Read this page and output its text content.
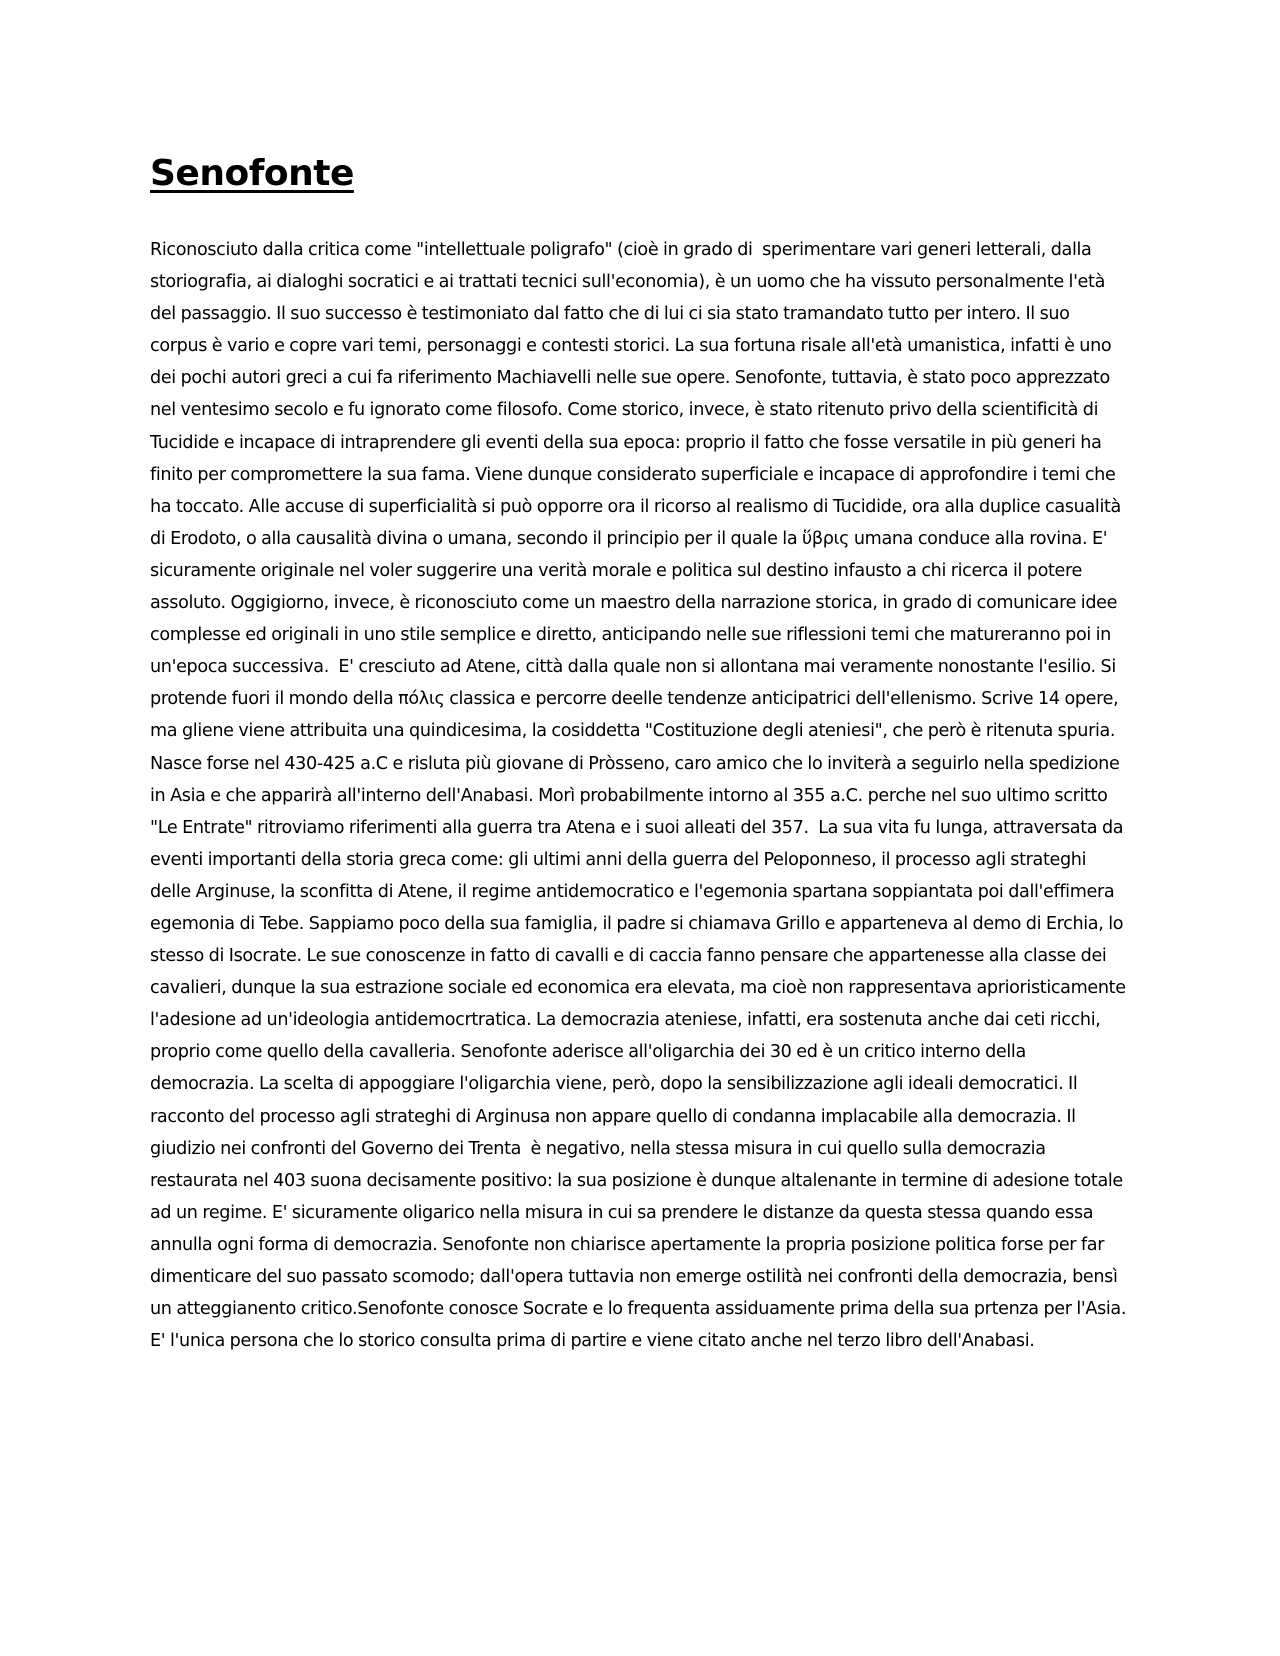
Senofonte

Riconosciuto dalla critica come "intellettuale poligrafo" (cioè in grado di  sperimentare vari generi letterali, dalla storiografia, ai dialoghi socratici e ai trattati tecnici sull'economia), è un uomo che ha vissuto personalmente l'età del passaggio. Il suo successo è testimoniato dal fatto che di lui ci sia stato tramandato tutto per intero. Il suo corpus è vario e copre vari temi, personaggi e contesti storici. La sua fortuna risale all'età umanistica, infatti è uno dei pochi autori greci a cui fa riferimento Machiavelli nelle sue opere. Senofonte, tuttavia, è stato poco apprezzato nel ventesimo secolo e fu ignorato come filosofo. Come storico, invece, è stato ritenuto privo della scientificità di Tucidide e incapace di intraprendere gli eventi della sua epoca: proprio il fatto che fosse versatile in più generi ha finito per compromettere la sua fama. Viene dunque considerato superficiale e incapace di approfondire i temi che ha toccato. Alle accuse di superficialità si può opporre ora il ricorso al realismo di Tucidide, ora alla duplice casualità di Erodoto, o alla causalità divina o umana, secondo il principio per il quale la ὕβρις umana conduce alla rovina. E' sicuramente originale nel voler suggerire una verità morale e politica sul destino infausto a chi ricerca il potere assoluto. Oggigiorno, invece, è riconosciuto come un maestro della narrazione storica, in grado di comunicare idee complesse ed originali in uno stile semplice e diretto, anticipando nelle sue riflessioni temi che matureranno poi in un'epoca successiva.  E' cresciuto ad Atene, città dalla quale non si allontana mai veramente nonostante l'esilio. Si protende fuori il mondo della πόλις classica e percorre deelle tendenze anticipatrici dell'ellenismo. Scrive 14 opere,  ma gliene viene attribuita una quindicesima, la cosiddetta "Costituzione degli ateniesi", che però è ritenuta spuria. Nasce forse nel 430-425 a.C e risluta più giovane di Pròsseno, caro amico che lo inviterà a seguirlo nella spedizione in Asia e che apparirà all'interno dell'Anabasi. Morì probabilmente intorno al 355 a.C. perche nel suo ultimo scritto "Le Entrate" ritroviamo riferimenti alla guerra tra Atena e i suoi alleati del 357.  La sua vita fu lunga, attraversata da eventi importanti della storia greca come: gli ultimi anni della guerra del Peloponneso, il processo agli strateghi delle Arginuse, la sconfitta di Atene, il regime antidemocratico e l'egemonia spartana soppiantata poi dall'effimera egemonia di Tebe. Sappiamo poco della sua famiglia, il padre si chiamava Grillo e apparteneva al demo di Erchia, lo stesso di Isocrate. Le sue conoscenze in fatto di cavalli e di caccia fanno pensare che appartenesse alla classe dei cavalieri, dunque la sua estrazione sociale ed economica era elevata, ma cioè non rappresentava aprioristicamente l'adesione ad un'ideologia antidemocrtratica. La democrazia ateniese, infatti, era sostenuta anche dai ceti ricchi, proprio come quello della cavalleria. Senofonte aderisce all'oligarchia dei 30 ed è un critico interno della democrazia. La scelta di appoggiare l'oligarchia viene, però, dopo la sensibilizzazione agli ideali democratici. Il racconto del processo agli strateghi di Arginusa non appare quello di condanna implacabile alla democrazia. Il  giudizio nei confronti del Governo dei Trenta  è negativo, nella stessa misura in cui quello sulla democrazia restaurata nel 403 suona decisamente positivo: la sua posizione è dunque altalenante in termine di adesione totale ad un regime. E' sicuramente oligarico nella misura in cui sa prendere le distanze da questa stessa quando essa annulla ogni forma di democrazia. Senofonte non chiarisce apertamente la propria posizione politica forse per far dimenticare del suo passato scomodo; dall'opera tuttavia non emerge ostilità nei confronti della democrazia, bensì un atteggianento critico.Senofonte conosce Socrate e lo frequenta assiduamente prima della sua prtenza per l'Asia. E' l'unica persona che lo storico consulta prima di partire e viene citato anche nel terzo libro dell'Anabasi.
